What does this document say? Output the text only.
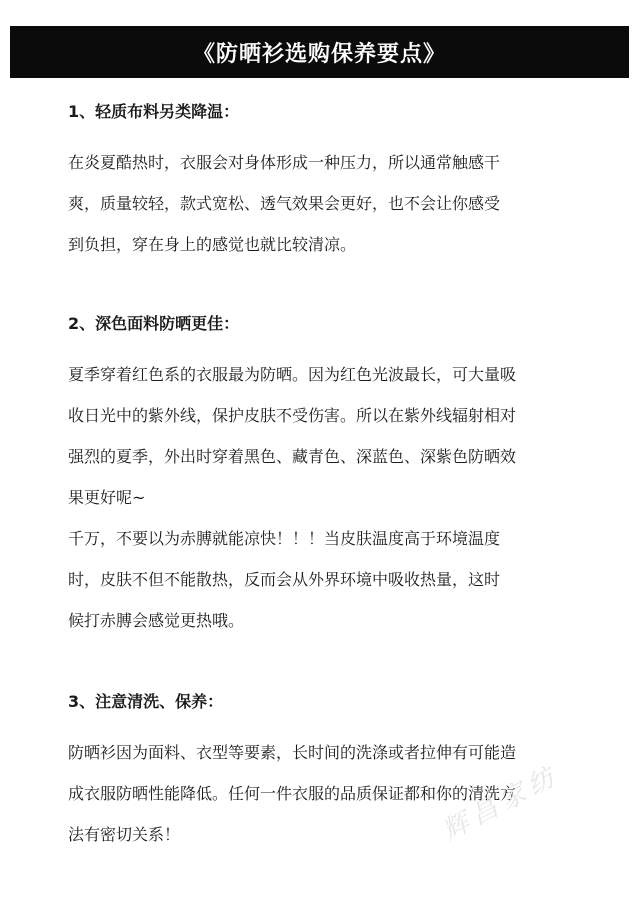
《防晒衫选购保养要点》

1、轻质布料另类降温：

在炎夏酷热时，衣服会对身体形成一种压力，所以通常触感干

爽，质量较轻，款式宽松、透气效果会更好，也不会让你感受

到负担，穿在身上的感觉也就比较清凉。

2、深色面料防晒更佳：

夏季穿着红色系的衣服最为防晒。因为红色光波最长，可大量吸

收日光中的紫外线，保护皮肤不受伤害。所以在紫外线辐射相对

强烈的夏季，外出时穿着黑色、藏青色、深蓝色、深紫色防晒效

果更好呢~

千万，不要以为赤膊就能凉快！！！当皮肤温度高于环境温度

时，皮肤不但不能散热，反而会从外界环境中吸收热量，这时

候打赤膊会感觉更热哦。

3、注意清洗、保养：

防晒衫因为面料、衣型等要素，长时间的洗涤或者拉伸有可能造

成衣服防晒性能降低。任何一件衣服的品质保证都和你的清洗方

法有密切关系！	辉昌家纺
